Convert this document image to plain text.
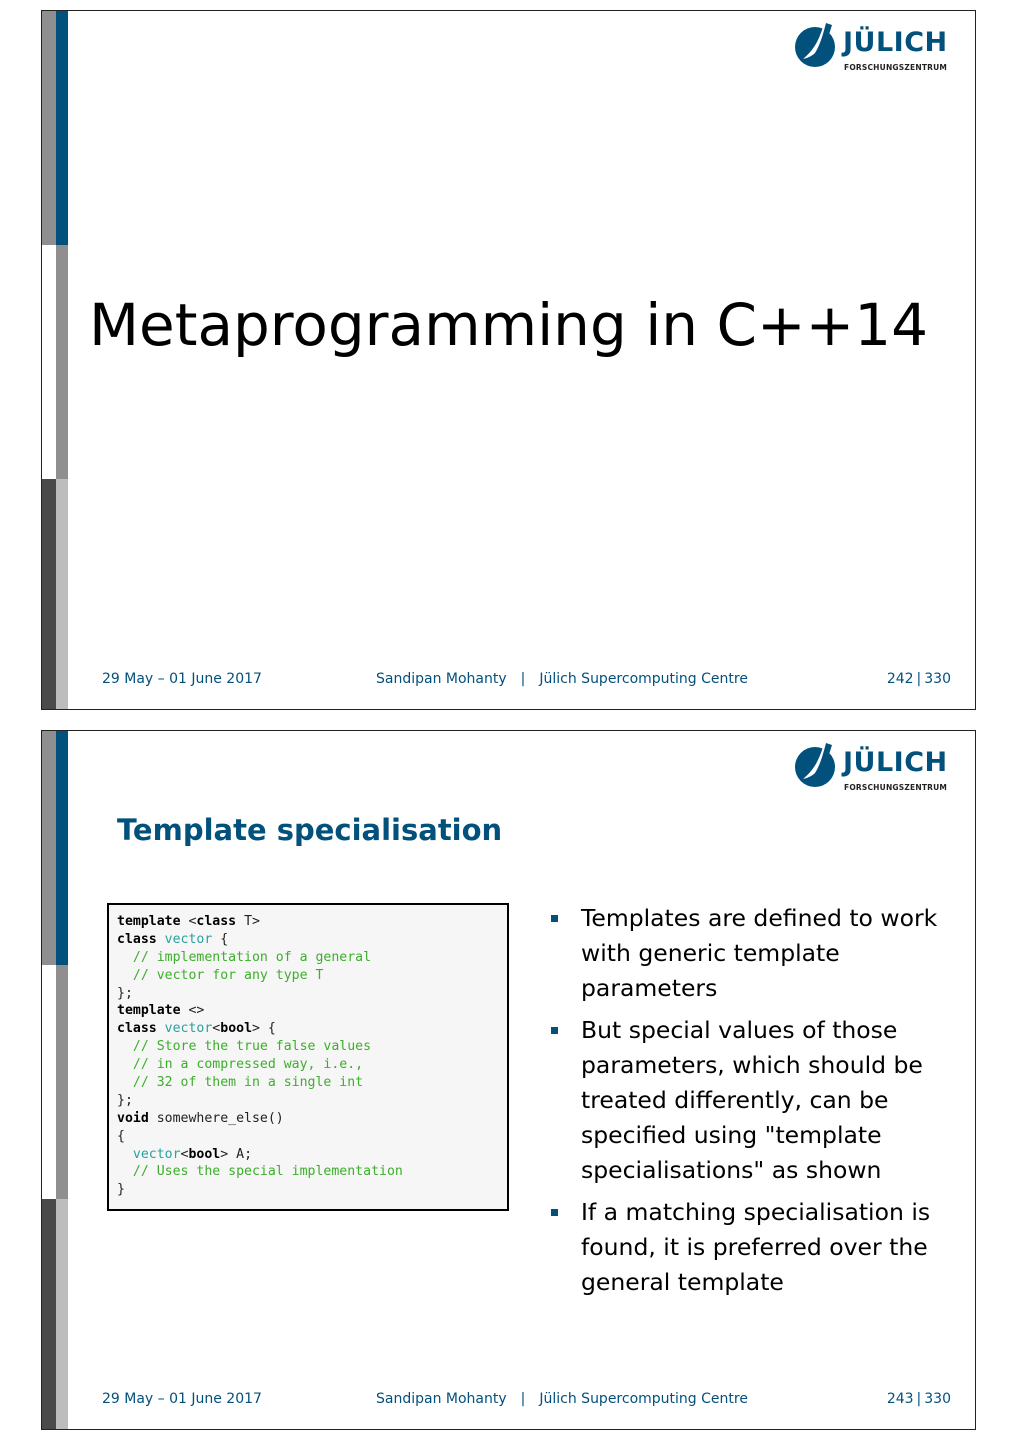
JÜLICH
FORSCHUNGSZENTRUM
Metaprogramming in C++14
29 May – 01 June 2017	Sandipan Mohanty | Jülich Supercomputing Centre	242 | 330
JÜLICH
FORSCHUNGSZENTRUM
Template specialisation
template <class T>
class vector {
// implementation of a general
// vector for any type T
};
template <>
class vector<bool> {
// Store the true false values
// in a compressed way, i.e.,
// 32 of them in a single int
};
void somewhere_else()
{
vector<bool> A;
// Uses the special implementation
}
Templates are defined to work with generic template parameters
But special values of those parameters, which should be treated differently, can be specified using "template specialisations" as shown
If a matching specialisation is found, it is preferred over the general template
29 May – 01 June 2017	Sandipan Mohanty | Jülich Supercomputing Centre	243 | 330
